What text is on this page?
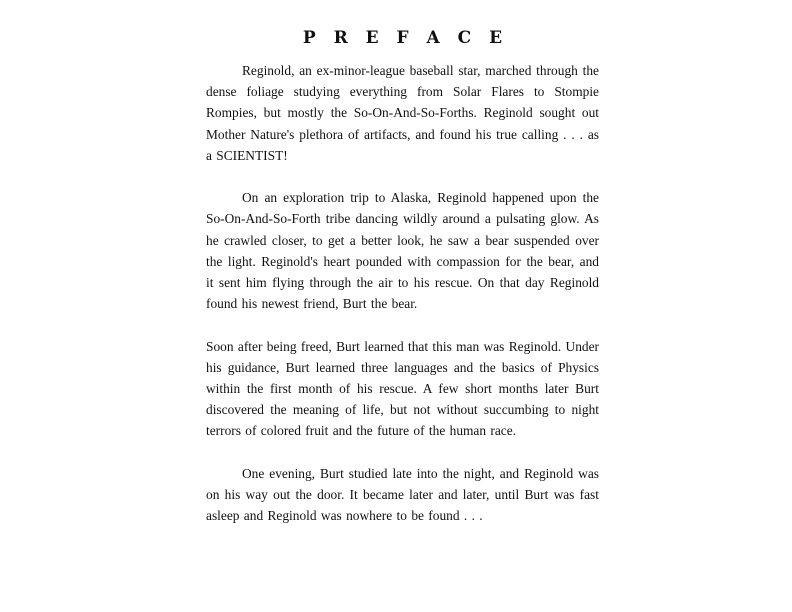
P R E F A C E

Reginold, an ex-minor-league baseball star, marched through the dense foliage studying everything from Solar Flares to Stompie Rompies, but mostly the So-On-And-So-Forths. Reginold sought out Mother Nature's plethora of artifacts, and found his true calling . . . as a SCIENTIST!

On an exploration trip to Alaska, Reginold happened upon the So-On-And-So-Forth tribe dancing wildly around a pulsating glow. As he crawled closer, to get a better look, he saw a bear suspended over the light. Reginold's heart pounded with compassion for the bear, and it sent him flying through the air to his rescue. On that day Reginold found his newest friend, Burt the bear.

Soon after being freed, Burt learned that this man was Reginold. Under his guidance, Burt learned three languages and the basics of Physics within the first month of his rescue. A few short months later Burt discovered the meaning of life, but not without succumbing to night terrors of colored fruit and the future of the human race.

One evening, Burt studied late into the night, and Reginold was on his way out the door. It became later and later, until Burt was fast asleep and Reginold was nowhere to be found . . .
